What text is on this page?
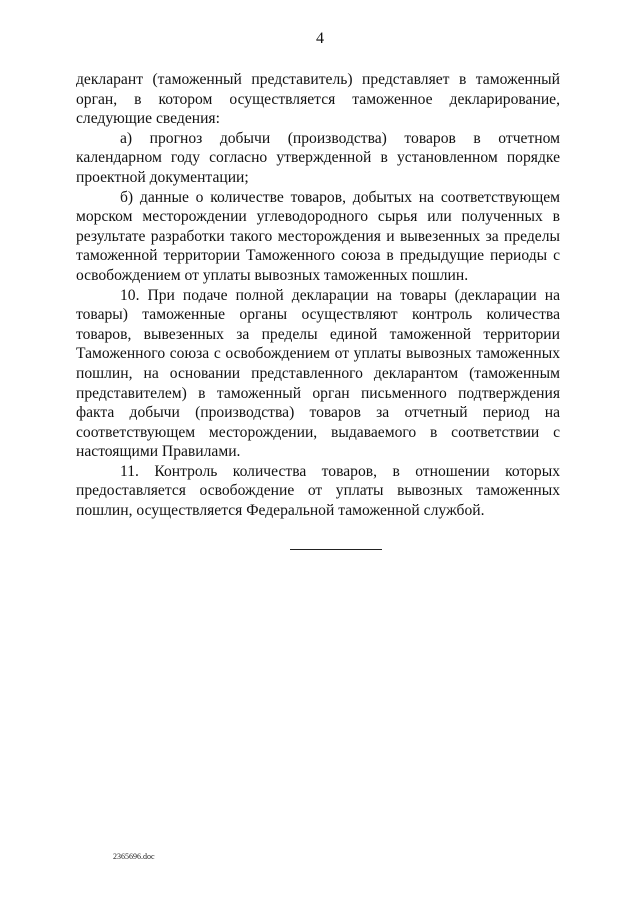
4

декларант (таможенный представитель) представляет в таможенный орган, в котором осуществляется таможенное декларирование, следующие сведения:

а) прогноз добычи (производства) товаров в отчетном календарном году согласно утвержденной в установленном порядке проектной документации;

б) данные о количестве товаров, добытых на соответствующем морском месторождении углеводородного сырья или полученных в результате разработки такого месторождения и вывезенных за пределы таможенной территории Таможенного союза в предыдущие периоды с освобождением от уплаты вывозных таможенных пошлин.

10. При подаче полной декларации на товары (декларации на товары) таможенные органы осуществляют контроль количества товаров, вывезенных за пределы единой таможенной территории Таможенного союза с освобождением от уплаты вывозных таможенных пошлин, на основании представленного декларантом (таможенным представителем) в таможенный орган письменного подтверждения факта добычи (производства) товаров за отчетный период на соответствующем месторождении, выдаваемого в соответствии с настоящими Правилами.

11. Контроль количества товаров, в отношении которых предоставляется освобождение от уплаты вывозных таможенных пошлин, осуществляется Федеральной таможенной службой.

2365696.doc
